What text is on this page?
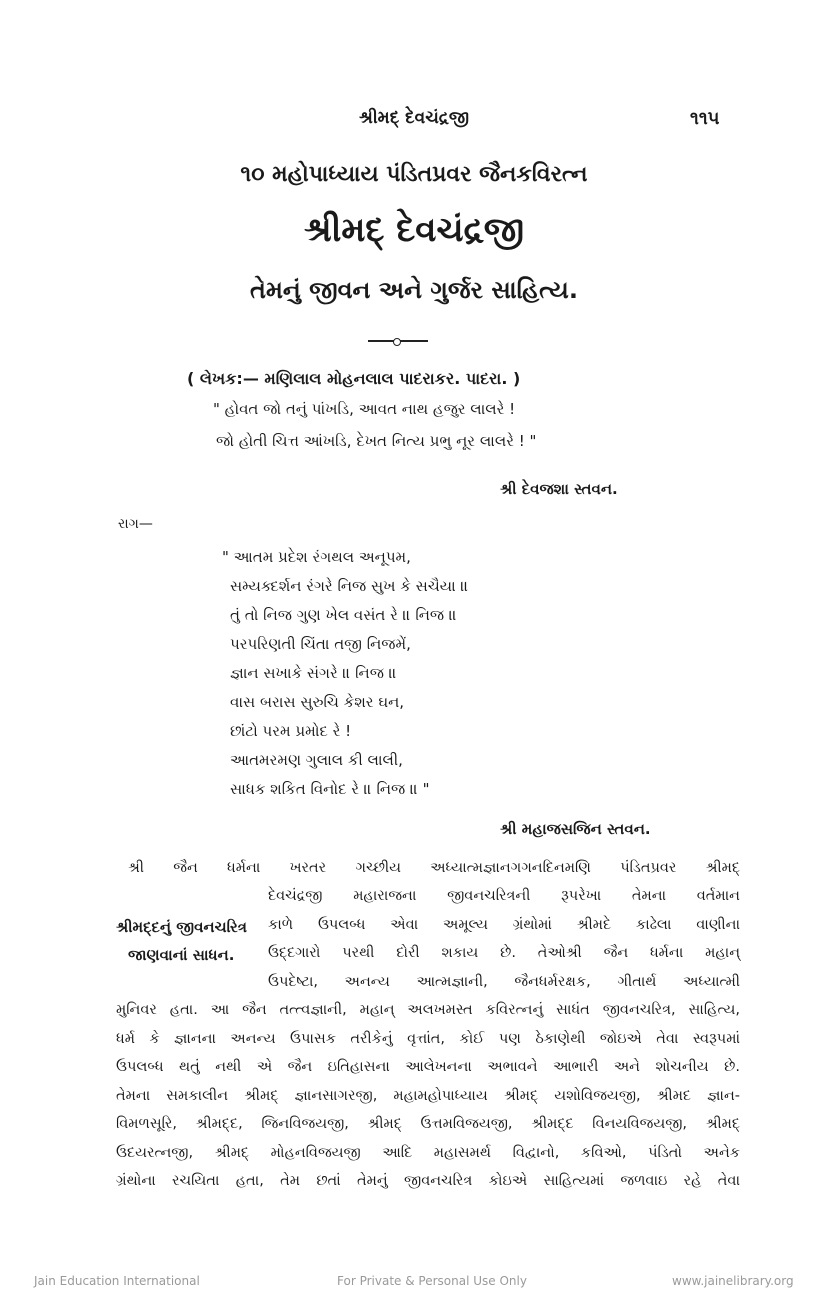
શ્રીમદ્ દેવચંદ્રજી	૧૧૫
૧૦ મહોપાધ્યાય પંડિતપ્રવર જૈનકવિરત્ન
શ્રીમદ્ દેવચંદ્રજી
તેમનું જીવન અને ગુર્જર સાહિત્ય.
( લેખક:— મણિલાલ મોહનલાલ પાદરાકર. પાદરા. )
" હોવત જો તનું પાંખડિ, આવત નાથ હજુર લાલરે !
જો હોતી ચિત્ત આંખડિ, દેખત નિત્ય પ્રભુ નૂર લાલરે ! "
શ્રી દેવજશા સ્તવન.
રાગ—
" આતમ પ્રદેશ રંગથલ અનૂપમ,
સમ્યક્દર્શન રંગરે નિજ સુખ કે સચૈયા ॥
તું તો નિજ ગુણ ખેલ વસંત રે ॥ નિજ ॥
પરપરિણતી ચિંતા તજી નિજમેં,
જ્ઞાન સખાકે સંગરે ॥ નિજ ॥
વાસ બરાસ સુરુચિ કેશર ઘન,
છાંટો પરમ પ્રમોદ રે !
આતમરમણ ગુલાલ કી લાલી,
સાધક શકિત વિનોદ રે ॥ નિજ ॥ "
શ્રી મહાજસજિન સ્તવન.
શ્રીમદ્દનું જીવનચરિત્ર
જાણવાનાં સાધન.
શ્રી જૈન ધર્મના ખરતર ગચ્છીય અધ્યાત્મજ્ઞાનગગનદિનમણિ પંડિતપ્રવર શ્રીમદ્
દેવચંદ્રજી મહારાજના જીવનચરિત્રની રૂપરેખા તેમના વર્તમાન
કાળે ઉપલબ્ધ એવા અમૂલ્ય ગ્રંથોમાં શ્રીમદે કાઢેલા વાણીના
ઉદ્દગારો પરથી દોરી શકાય છે. તેઓશ્રી જૈન ધર્મના મહાન્
ઉપદેષ્ટા, અનન્ય આત્મજ્ઞાની, જૈનધર્મરક્ષક, ગીતાર્થ અધ્યાત્મી
મુનિવર હતા. આ જૈન તત્ત્વજ્ઞાની, મહાન્ અલખમસ્ત કવિરત્નનું સાધંત જીવનચરિત્ર, સાહિત્ય,
ધર્મ કે જ્ઞાનના અનન્ય ઉપાસક તરીકેનું વૃત્તાંત, કોઈ પણ ઠેકાણેથી જોઇએ તેવા સ્વરૂપમાં
ઉપલબ્ધ થતું નથી એ જૈન ઇતિહાસના આલેખનના અભાવને આભારી અને શોચનીય છે.
તેમના સમકાલીન શ્રીમદ્ જ્ઞાનસાગરજી, મહામહોપાધ્યાય શ્રીમદ્ યશોવિજયજી, શ્રીમદ જ્ઞાન-
વિમળસૂરિ, શ્રીમદ્દ, જિનવિજયજી, શ્રીમદ્ ઉત્તમવિજયજી, શ્રીમદ્દ વિનયવિજયજી, શ્રીમદ્
ઉદયરત્નજી, શ્રીમદ્ મોહનવિજયજી આદિ મહાસમર્થ વિદ્વાનો, કવિઓ, પંડિતો અનેક
ગ્રંથોના રચયિતા હતા, તેમ છતાં તેમનું જીવનચરિત્ર કોઇએ સાહિત્યમાં જળવાઇ રહે તેવા
Jain Education International	For Private & Personal Use Only	www.jainelibrary.org
